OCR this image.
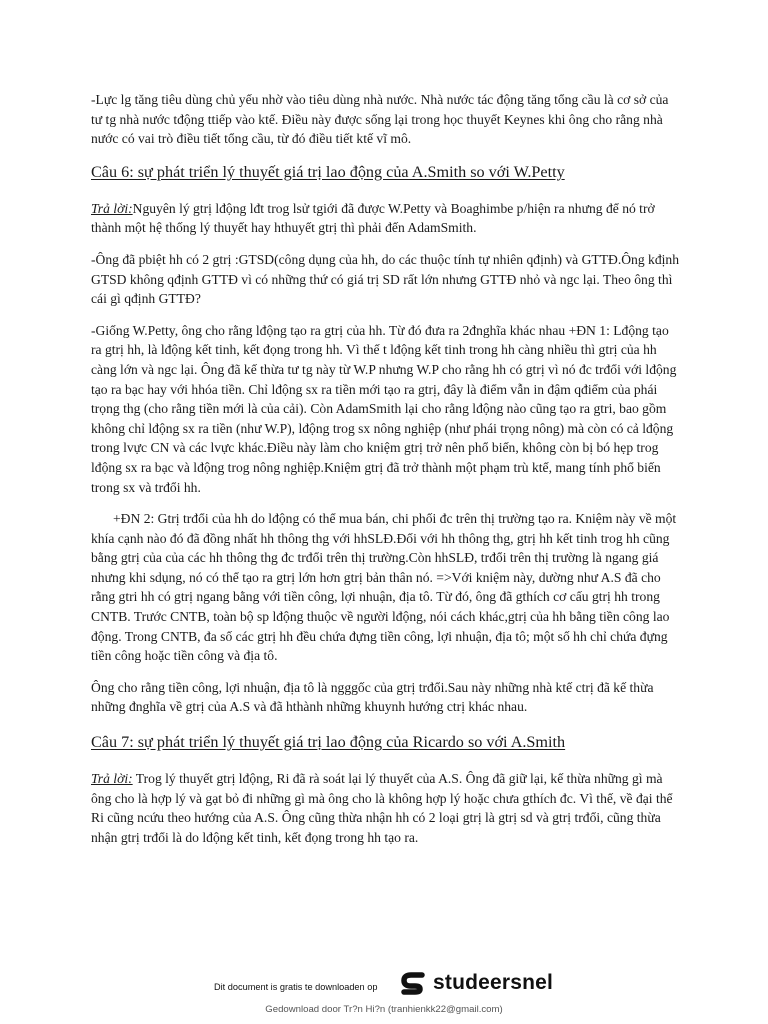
-Lực lg tăng tiêu dùng chủ yếu nhờ vào tiêu dùng nhà nước. Nhà nước tác động tăng tổng cầu là cơ sở của tư tg nhà nước tđộng ttiếp vào ktế. Điều này được sống lại trong học thuyết Keynes khi ông cho rằng nhà nước có vai trò điều tiết tổng cầu, từ đó điều tiết ktế vĩ mô.

Câu 6: sự phát triển lý thuyết giá trị lao động của A.Smith so với W.Petty

Trả lời:Nguyên lý gtrị lđộng lđt trog lsử tgiới đã được W.Petty và Boaghimbe p/hiện ra nhưng để nó trở thành một hệ thống lý thuyết hay hthuyết gtrị thì phải đến AdamSmith.

-Ông đã pbiệt hh có 2 gtrị :GTSD(công dụng của hh, do các thuộc tính tự nhiên qđịnh) và GTTĐ.Ông kđịnh GTSD không qđịnh GTTĐ vì có những thứ có giá trị SD rất lớn nhưng GTTĐ nhỏ và ngc lại. Theo ông thì cái gì qđịnh GTTĐ?

-Giống W.Petty, ông cho rằng lđộng tạo ra gtrị của hh. Từ đó đưa ra 2đnghĩa khác nhau +ĐN 1: Lđộng tạo ra gtrị hh, là lđộng kết tinh, kết đọng trong hh. Vì thế t lđộng kết tinh trong hh càng nhiều thì gtrị của hh càng lớn và ngc lại. Ông đã kế thừa tư tg này từ W.P nhưng W.P cho rằng hh có gtrị vì nó đc trđổi với lđộng tạo ra bạc hay với hhóa tiền. Chỉ lđộng sx ra tiền mới tạo ra gtrị, đây là điểm vẫn in đậm qđiểm của phái trọng thg (cho rằng tiền mới là của cải). Còn AdamSmith lại cho rằng lđộng nào cũng tạo ra gtri, bao gồm không chỉ lđộng sx ra tiền (như W.P), lđộng trog sx nông nghiệp (như phái trọng nông) mà còn có cả lđộng trong lvực CN và các lvực khác.Điều này làm cho kniệm gtrị trở nên phổ biến, không còn bị bó hẹp trog lđộng sx ra bạc và lđộng trog nông nghiệp.Kniệm gtrị đã trở thành một phạm trù ktế, mang tính phổ biến trong sx và trđổi hh.

+ĐN 2: Gtrị trđổi của hh do lđộng có thể mua bán, chi phối đc trên thị trường tạo ra. Kniệm này về một khía cạnh nào đó đã đồng nhất hh thông thg với hhSLĐ.Đối với hh thông thg, gtrị hh kết tinh trog hh cũng bằng gtrị của của các hh thông thg đc trđổi trên thị trường.Còn hhSLĐ, trđổi trên thị trường là ngang giá nhưng khi sdụng, nó có thể tạo ra gtrị lớn hơn gtrị bản thân nó. =>Với kniệm này, dường như A.S đã cho rằng gtri hh có gtrị ngang bằng với tiền công, lợi nhuận, địa tô. Từ đó, ông đã gthích cơ cấu gtrị hh trong CNTB. Trước CNTB, toàn bộ sp lđộng thuộc về người lđộng, nói cách khác,gtrị của hh bằng tiền công lao động. Trong CNTB, đa số các gtrị hh đều chứa đựng tiền công, lợi nhuận, địa tô; một số hh chỉ chứa đựng tiền công hoặc tiền công và địa tô.

Ông cho rằng tiền công, lợi nhuận, địa tô là ngggốc của gtrị trđổi.Sau này những nhà ktế ctrị đã kế thừa những đnghĩa về gtrị của A.S và đã hthành những khuynh hướng ctrị khác nhau.

Câu 7: sự phát triển lý thuyết giá trị lao động của Ricardo so với A.Smith

Trả lời: Trog lý thuyết gtrị lđộng, Ri đã rà soát lại lý thuyết của A.S. Ông đã giữ lại, kế thừa những gì mà ông cho là hợp lý và gạt bỏ đi những gì mà ông cho là không hợp lý hoặc chưa gthích đc. Vì thế, về đại thể Ri cũng ncứu theo hướng của A.S. Ông cũng thừa nhận hh có 2 loại gtrị là gtrị sd và gtrị trđổi, cũng thừa nhận gtrị trđổi là do lđộng kết tinh, kết đọng trong hh tạo ra.

Dit document is gratis te downloaden op	studeersnel
Gedownload door Tr?n Hi?n (tranhienkk22@gmail.com)
